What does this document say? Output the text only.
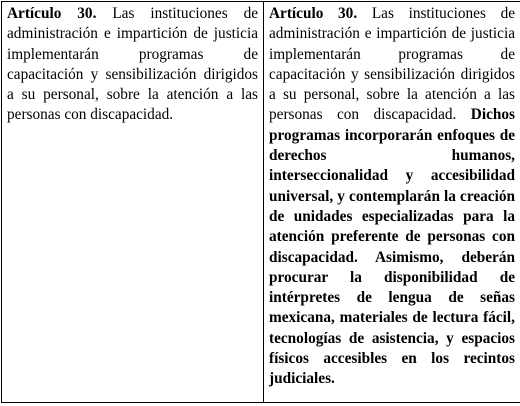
Artículo 30. Las instituciones de administración e impartición de justicia implementarán programas de capacitación y sensibilización dirigidos a su personal, sobre la atención a las personas con discapacidad.	Artículo 30. Las instituciones de administración e impartición de justicia implementarán programas de capacitación y sensibilización dirigidos a su personal, sobre la atención a las personas con discapacidad. Dichos programas incorporarán enfoques de derechos humanos, interseccionalidad y accesibilidad universal, y contemplarán la creación de unidades especializadas para la atención preferente de personas con discapacidad. Asimismo, deberán procurar la disponibilidad de intérpretes de lengua de señas mexicana, materiales de lectura fácil, tecnologías de asistencia, y espacios físicos accesibles en los recintos judiciales.
